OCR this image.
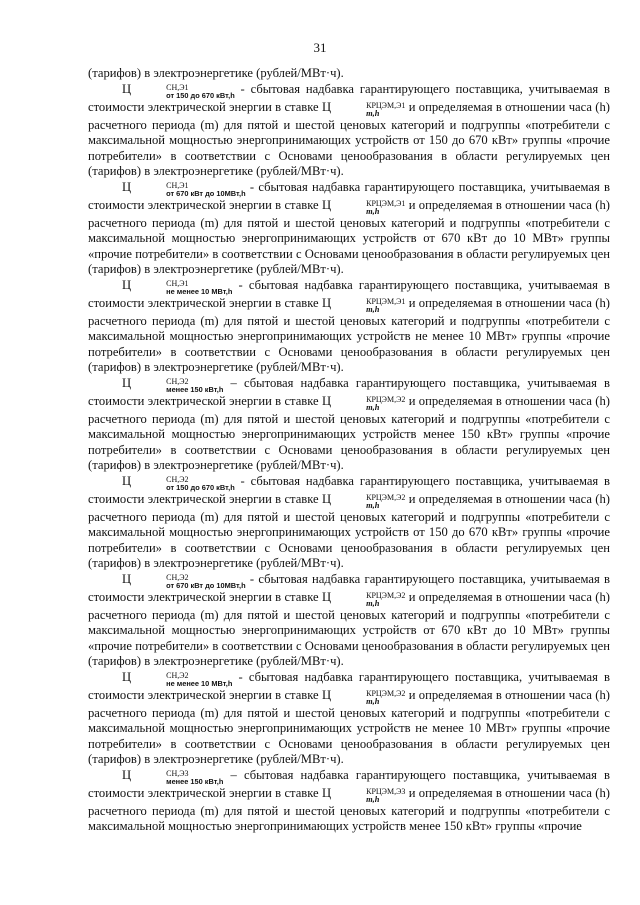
31

(тарифов) в электроэнергетике (рублей/МВт·ч).

Ц	СН,Э1
от 150 до 670 кВт,h - сбытовая надбавка гарантирующего поставщика, учитываемая в стоимости электрической энергии в ставке Ц	КРЦЭМ,Э1
m,h	и определяемая в отношении часа (h) расчетного периода (m) для пятой и шестой ценовых категорий и подгруппы «потребители с максимальной мощностью энергопринимающих устройств от 150 до 670 кВт» группы «прочие потребители» в соответствии с Основами ценообразования в области регулируемых цен (тарифов) в электроэнергетике (рублей/МВт·ч).

Ц	СН,Э1
от 670 кВт до 10МВт,h - сбытовая надбавка гарантирующего поставщика, учитываемая в стоимости электрической энергии в ставке Ц	КРЦЭМ,Э1
m,h	и определяемая в отношении часа (h) расчетного периода (m) для пятой и шестой ценовых категорий и подгруппы «потребители с максимальной мощностью энергопринимающих устройств от 670 кВт до 10 МВт» группы «прочие потребители» в соответствии с Основами ценообразования в области регулируемых цен (тарифов) в электроэнергетике (рублей/МВт·ч).

Ц	СН,Э1
не менее 10 МВт,h - сбытовая надбавка гарантирующего поставщика, учитываемая в стоимости электрической энергии в ставке Ц	КРЦЭМ,Э1
m,h	и определяемая в отношении часа (h) расчетного периода (m) для пятой и шестой ценовых категорий и подгруппы «потребители с максимальной мощностью энергопринимающих устройств не менее 10 МВт» группы «прочие потребители» в соответствии с Основами ценообразования в области регулируемых цен (тарифов) в электроэнергетике (рублей/МВт·ч).

Ц	СН,Э2
менее 150 кВт,h – сбытовая надбавка гарантирующего поставщика, учитываемая в стоимости электрической энергии в ставке Ц	КРЦЭМ,Э2
m,h	и определяемая в отношении часа (h) расчетного периода (m) для пятой и шестой ценовых категорий и подгруппы «потребители с максимальной мощностью энергопринимающих устройств менее 150 кВт» группы «прочие потребители» в соответствии с Основами ценообразования в области регулируемых цен (тарифов) в электроэнергетике (рублей/МВт·ч).

Ц	СН,Э2
от 150 до 670 кВт,h - сбытовая надбавка гарантирующего поставщика, учитываемая в стоимости электрической энергии в ставке Ц	КРЦЭМ,Э2
m,h	и определяемая в отношении часа (h) расчетного периода (m) для пятой и шестой ценовых категорий и подгруппы «потребители с максимальной мощностью энергопринимающих устройств от 150 до 670 кВт» группы «прочие потребители» в соответствии с Основами ценообразования в области регулируемых цен (тарифов) в электроэнергетике (рублей/МВт·ч).

Ц	СН,Э2
от 670 кВт до 10МВт,h - сбытовая надбавка гарантирующего поставщика, учитываемая в стоимости электрической энергии в ставке Ц	КРЦЭМ,Э2
m,h	и определяемая в отношении часа (h) расчетного периода (m) для пятой и шестой ценовых категорий и подгруппы «потребители с максимальной мощностью энергопринимающих устройств от 670 кВт до 10 МВт» группы «прочие потребители» в соответствии с Основами ценообразования в области регулируемых цен (тарифов) в электроэнергетике (рублей/МВт·ч).

Ц	СН,Э2
не менее 10 МВт,h - сбытовая надбавка гарантирующего поставщика, учитываемая в стоимости электрической энергии в ставке Ц	КРЦЭМ,Э2
m,h	и определяемая в отношении часа (h) расчетного периода (m) для пятой и шестой ценовых категорий и подгруппы «потребители с максимальной мощностью энергопринимающих устройств не менее 10 МВт» группы «прочие потребители» в соответствии с Основами ценообразования в области регулируемых цен (тарифов) в электроэнергетике (рублей/МВт·ч).

Ц	СН,Э3
менее 150 кВт,h – сбытовая надбавка гарантирующего поставщика, учитываемая в стоимости электрической энергии в ставке Ц	КРЦЭМ,Э3
m,h	и определяемая в отношении часа (h) расчетного периода (m) для пятой и шестой ценовых категорий и подгруппы «потребители с максимальной мощностью энергопринимающих устройств менее 150 кВт» группы «прочие
